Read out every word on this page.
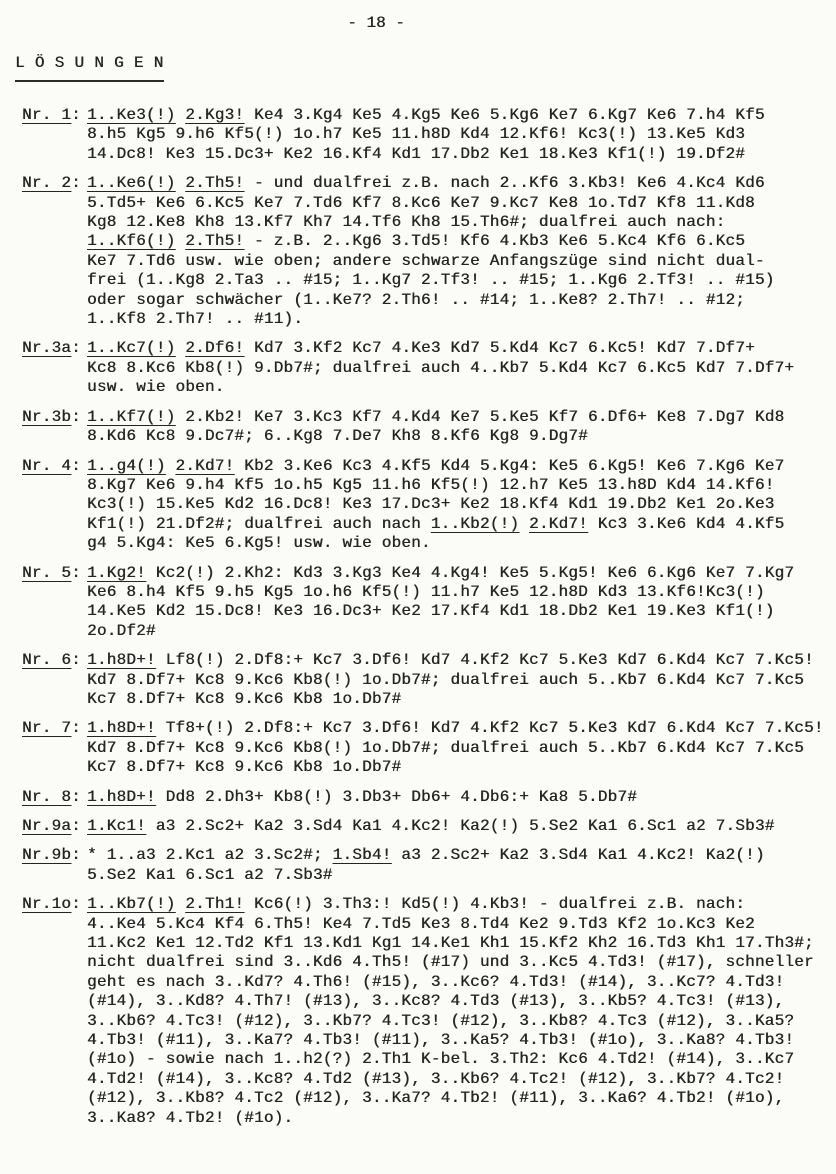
- 18 -
L Ö S U N G E N
Nr. 1: 1..Ke3(!) 2.Kg3! Ke4 3.Kg4 Ke5 4.Kg5 Ke6 5.Kg6 Ke7 6.Kg7 Ke6 7.h4 Kf5
8.h5 Kg5 9.h6 Kf5(!) 1o.h7 Ke5 11.h8D Kd4 12.Kf6! Kc3(!) 13.Ke5 Kd3
14.Dc8! Ke3 15.Dc3+ Ke2 16.Kf4 Kd1 17.Db2 Ke1 18.Ke3 Kf1(!) 19.Df2#
Nr. 2: 1..Ke6(!) 2.Th5! - und dualfrei z.B. nach 2..Kf6 3.Kb3! Ke6 4.Kc4 Kd6
5.Td5+ Ke6 6.Kc5 Ke7 7.Td6 Kf7 8.Kc6 Ke7 9.Kc7 Ke8 1o.Td7 Kf8 11.Kd8
Kg8 12.Ke8 Kh8 13.Kf7 Kh7 14.Tf6 Kh8 15.Th6#; dualfrei auch nach:
1..Kf6(!) 2.Th5! - z.B. 2..Kg6 3.Td5! Kf6 4.Kb3 Ke6 5.Kc4 Kf6 6.Kc5
Ke7 7.Td6 usw. wie oben; andere schwarze Anfangszüge sind nicht dual-
frei (1..Kg8 2.Ta3 .. #15; 1..Kg7 2.Tf3! .. #15; 1..Kg6 2.Tf3! .. #15)
oder sogar schwächer (1..Ke7? 2.Th6! .. #14; 1..Ke8? 2.Th7! .. #12;
1..Kf8 2.Th7! .. #11).
Nr.3a: 1..Kc7(!) 2.Df6! Kd7 3.Kf2 Kc7 4.Ke3 Kd7 5.Kd4 Kc7 6.Kc5! Kd7 7.Df7+
Kc8 8.Kc6 Kb8(!) 9.Db7#; dualfrei auch 4..Kb7 5.Kd4 Kc7 6.Kc5 Kd7 7.Df7+
usw. wie oben.
Nr.3b: 1..Kf7(!) 2.Kb2! Ke7 3.Kc3 Kf7 4.Kd4 Ke7 5.Ke5 Kf7 6.Df6+ Ke8 7.Dg7 Kd8
8.Kd6 Kc8 9.Dc7#; 6..Kg8 7.De7 Kh8 8.Kf6 Kg8 9.Dg7#
Nr. 4: 1..g4(!) 2.Kd7! Kb2 3.Ke6 Kc3 4.Kf5 Kd4 5.Kg4: Ke5 6.Kg5! Ke6 7.Kg6 Ke7
8.Kg7 Ke6 9.h4 Kf5 1o.h5 Kg5 11.h6 Kf5(!) 12.h7 Ke5 13.h8D Kd4 14.Kf6!
Kc3(!) 15.Ke5 Kd2 16.Dc8! Ke3 17.Dc3+ Ke2 18.Kf4 Kd1 19.Db2 Ke1 2o.Ke3
Kf1(!) 21.Df2#; dualfrei auch nach 1..Kb2(!) 2.Kd7! Kc3 3.Ke6 Kd4 4.Kf5
g4 5.Kg4: Ke5 6.Kg5! usw. wie oben.
Nr. 5: 1.Kg2! Kc2(!) 2.Kh2: Kd3 3.Kg3 Ke4 4.Kg4! Ke5 5.Kg5! Ke6 6.Kg6 Ke7 7.Kg7
Ke6 8.h4 Kf5 9.h5 Kg5 1o.h6 Kf5(!) 11.h7 Ke5 12.h8D Kd3 13.Kf6!Kc3(!)
14.Ke5 Kd2 15.Dc8! Ke3 16.Dc3+ Ke2 17.Kf4 Kd1 18.Db2 Ke1 19.Ke3 Kf1(!)
2o.Df2#
Nr. 6: 1.h8D+! Lf8(!) 2.Df8:+ Kc7 3.Df6! Kd7 4.Kf2 Kc7 5.Ke3 Kd7 6.Kd4 Kc7 7.Kc5!
Kd7 8.Df7+ Kc8 9.Kc6 Kb8(!) 1o.Db7#; dualfrei auch 5..Kb7 6.Kd4 Kc7 7.Kc5
Kc7 8.Df7+ Kc8 9.Kc6 Kb8 1o.Db7#
Nr. 7: 1.h8D+! Tf8+(!) 2.Df8:+ Kc7 3.Df6! Kd7 4.Kf2 Kc7 5.Ke3 Kd7 6.Kd4 Kc7 7.Kc5!
Kd7 8.Df7+ Kc8 9.Kc6 Kb8(!) 1o.Db7#; dualfrei auch 5..Kb7 6.Kd4 Kc7 7.Kc5
Kc7 8.Df7+ Kc8 9.Kc6 Kb8 1o.Db7#
Nr. 8: 1.h8D+! Dd8 2.Dh3+ Kb8(!) 3.Db3+ Db6+ 4.Db6:+ Ka8 5.Db7#
Nr.9a: 1.Kc1! a3 2.Sc2+ Ka2 3.Sd4 Ka1 4.Kc2! Ka2(!) 5.Se2 Ka1 6.Sc1 a2 7.Sb3#
Nr.9b: * 1..a3 2.Kc1 a2 3.Sc2#; 1.Sb4! a3 2.Sc2+ Ka2 3.Sd4 Ka1 4.Kc2! Ka2(!)
5.Se2 Ka1 6.Sc1 a2 7.Sb3#
Nr.1o: 1..Kb7(!) 2.Th1! Kc6(!) 3.Th3:! Kd5(!) 4.Kb3! - dualfrei z.B. nach:
4..Ke4 5.Kc4 Kf4 6.Th5! Ke4 7.Td5 Ke3 8.Td4 Ke2 9.Td3 Kf2 1o.Kc3 Ke2
11.Kc2 Ke1 12.Td2 Kf1 13.Kd1 Kg1 14.Ke1 Kh1 15.Kf2 Kh2 16.Td3 Kh1 17.Th3#;
nicht dualfrei sind 3..Kd6 4.Th5! (#17) und 3..Kc5 4.Td3! (#17), schneller
geht es nach 3..Kd7? 4.Th6! (#15), 3..Kc6? 4.Td3! (#14), 3..Kc7? 4.Td3!
(#14), 3..Kd8? 4.Th7! (#13), 3..Kc8? 4.Td3 (#13), 3..Kb5? 4.Tc3! (#13),
3..Kb6? 4.Tc3! (#12), 3..Kb7? 4.Tc3! (#12), 3..Kb8? 4.Tc3 (#12), 3..Ka5?
4.Tb3! (#11), 3..Ka7? 4.Tb3! (#11), 3..Ka5? 4.Tb3! (#1o), 3..Ka8? 4.Tb3!
(#1o) - sowie nach 1..h2(?) 2.Th1 K-bel. 3.Th2: Kc6 4.Td2! (#14), 3..Kc7
4.Td2! (#14), 3..Kc8? 4.Td2 (#13), 3..Kb6? 4.Tc2! (#12), 3..Kb7? 4.Tc2!
(#12), 3..Kb8? 4.Tc2 (#12), 3..Ka7? 4.Tb2! (#11), 3..Ka6? 4.Tb2! (#1o),
3..Ka8? 4.Tb2! (#1o).
